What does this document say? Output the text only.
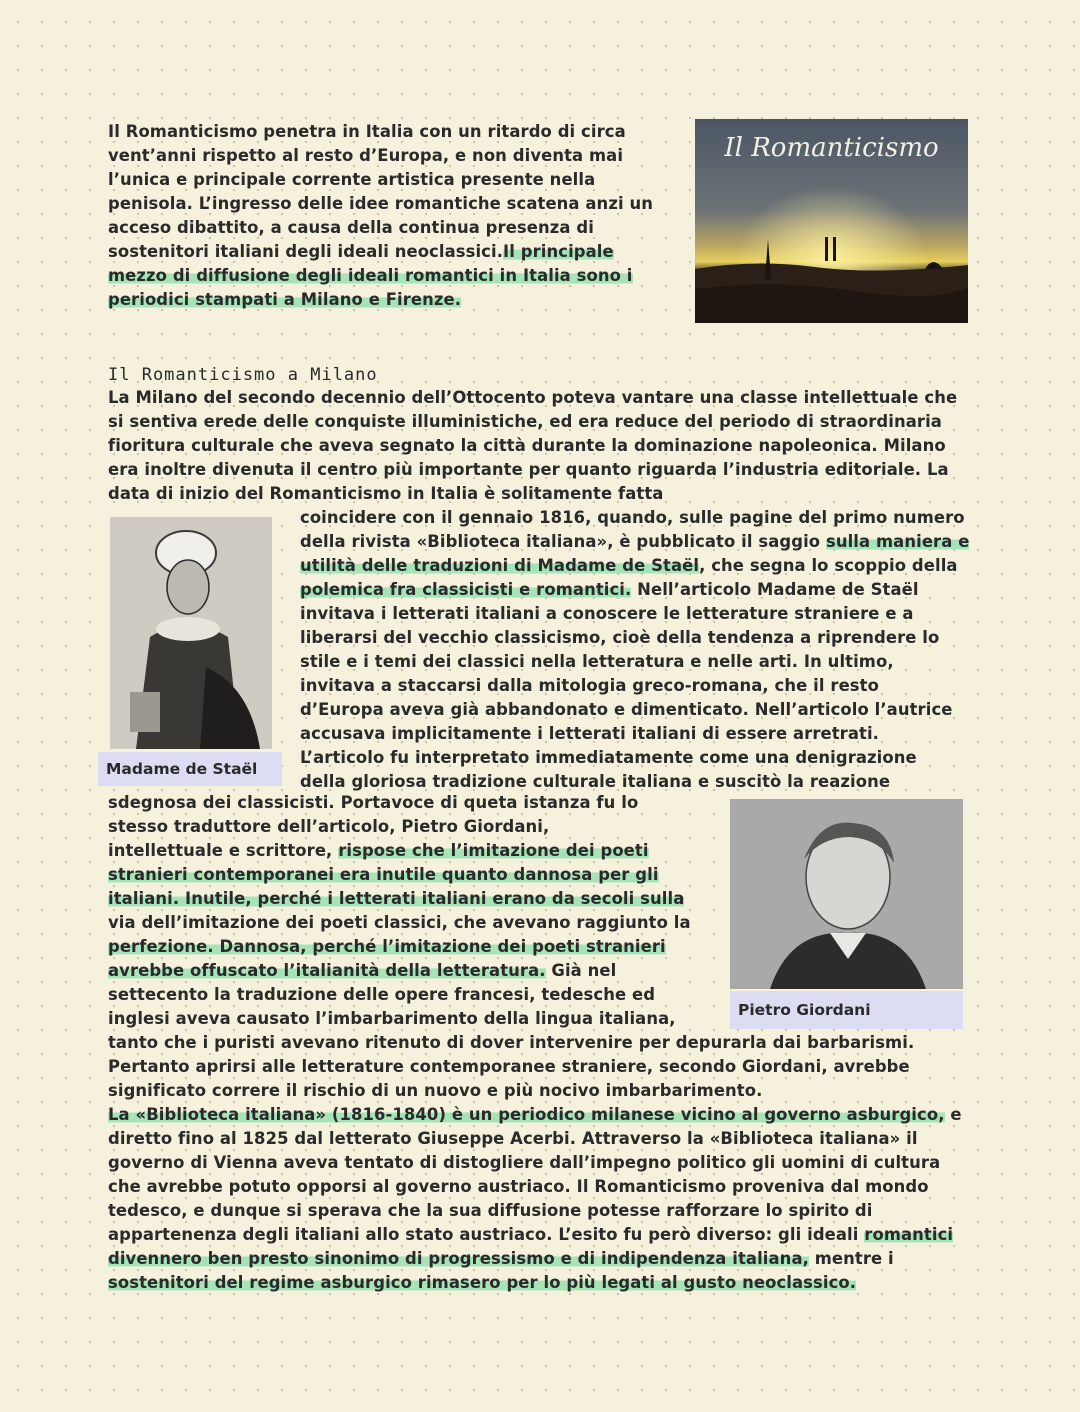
Il Romanticismo penetra in Italia con un ritardo di circa vent’anni rispetto al resto d’Europa, e non diventa mai l’unica e principale corrente artistica presente nella penisola. L’ingresso delle idee romantiche scatena anzi un acceso dibattito, a causa della continua presenza di sostenitori italiani degli ideali neoclassici.Il principale mezzo di diffusione degli ideali romantici in Italia sono i periodici stampati a Milano e Firenze.
Il Romanticismo
Il Romanticismo a Milano
La Milano del secondo decennio dell’Ottocento poteva vantare una classe intellettuale che si sentiva erede delle conquiste illuministiche, ed era reduce del periodo di straordinaria fioritura culturale che aveva segnato la città durante la dominazione napoleonica. Milano era inoltre divenuta il centro più importante per quanto riguarda l’industria editoriale. La data di inizio del Romanticismo in Italia è solitamente fatta
Madame de Staël
coincidere con il gennaio 1816, quando, sulle pagine del primo numero
della rivista «Biblioteca italiana», è pubblicato il saggio sulla maniera e
utilità delle traduzioni di Madame de Staël, che segna lo scoppio della
polemica fra classicisti e romantici. Nell’articolo Madame de Staël
invitava i letterati italiani a conoscere le letterature straniere e a
liberarsi del vecchio classicismo, cioè della tendenza a riprendere lo
stile e i temi dei classici nella letteratura e nelle arti. In ultimo,
invitava a staccarsi dalla mitologia greco-romana, che il resto
d’Europa aveva già abbandonato e dimenticato. Nell’articolo l’autrice
accusava implicitamente i letterati italiani di essere arretrati.
L’articolo fu interpretato immediatamente come una denigrazione
della gloriosa tradizione culturale italiana e suscitò la reazione
Pietro Giordani
sdegnosa dei classicisti. Portavoce di queta istanza fu lo
stesso traduttore dell’articolo, Pietro Giordani,
intellettuale e scrittore, rispose che l’imitazione dei poeti
stranieri contemporanei era inutile quanto dannosa per gli
italiani. Inutile, perché i letterati italiani erano da secoli sulla
via dell’imitazione dei poeti classici, che avevano raggiunto la
perfezione. Dannosa, perché l’imitazione dei poeti stranieri
avrebbe offuscato l’italianità della letteratura. Già nel
settecento la traduzione delle opere francesi, tedesche ed
inglesi aveva causato l’imbarbarimento della lingua italiana,
tanto che i puristi avevano ritenuto di dover intervenire per depurarla dai barbarismi. Pertanto aprirsi alle letterature contemporanee straniere, secondo Giordani, avrebbe significato correre il rischio di un nuovo e più nocivo imbarbarimento.
La «Biblioteca italiana» (1816-1840) è un periodico milanese vicino al governo asburgico, e diretto fino al 1825 dal letterato Giuseppe Acerbi. Attraverso la «Biblioteca italiana» il governo di Vienna aveva tentato di distogliere dall’impegno politico gli uomini di cultura che avrebbe potuto opporsi al governo austriaco. Il Romanticismo proveniva dal mondo tedesco, e dunque si sperava che la sua diffusione potesse rafforzare lo spirito di appartenenza degli italiani allo stato austriaco. L’esito fu però diverso: gli ideali romantici divennero ben presto sinonimo di progressismo e di indipendenza italiana, mentre i sostenitori del regime asburgico rimasero per lo più legati al gusto neoclassico.
